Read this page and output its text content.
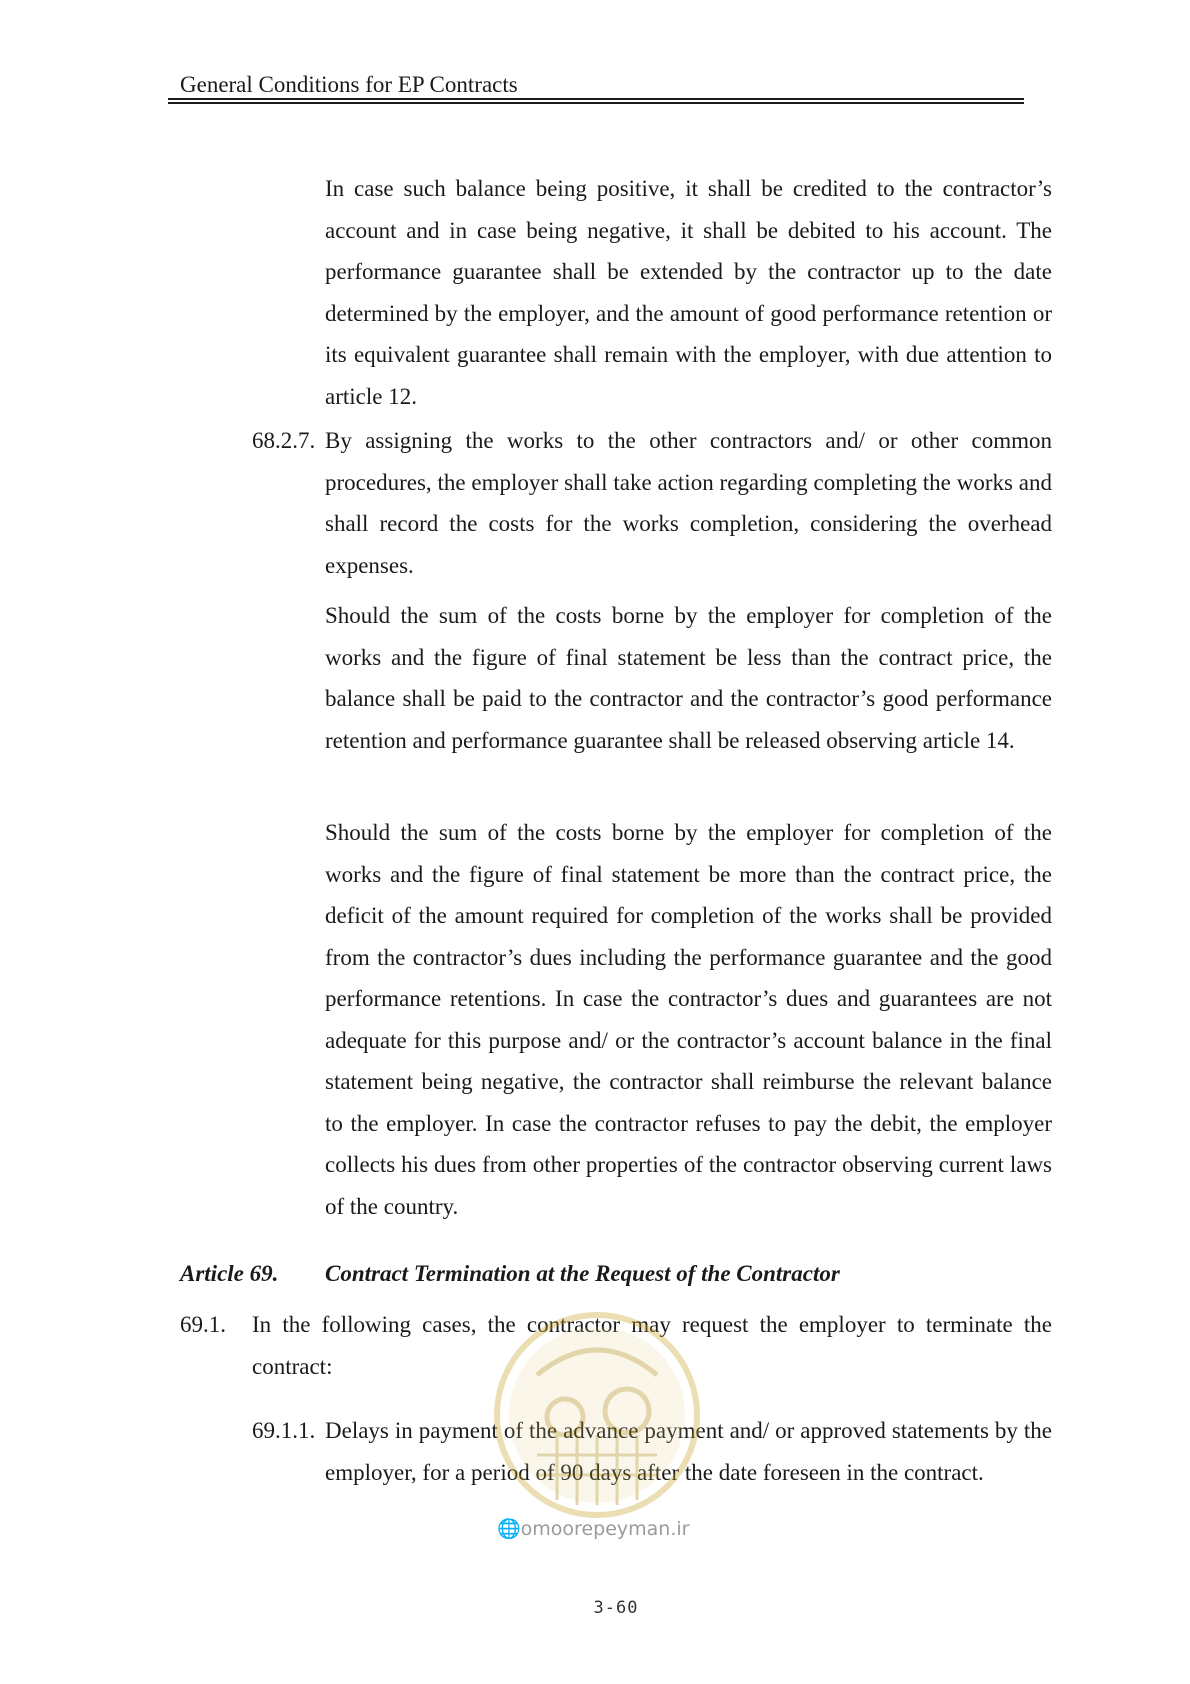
General Conditions for EP Contracts

In case such balance being positive, it shall be credited to the contractor’s account and in case being negative, it shall be debited to his account. The performance guarantee shall be extended by the contractor up to the date determined by the employer, and the amount of good performance retention or its equivalent guarantee shall remain with the employer, with due attention to article 12.

68.2.7. By assigning the works to the other contractors and/ or other common procedures, the employer shall take action regarding completing the works and shall record the costs for the works completion, considering the overhead expenses.

Should the sum of the costs borne by the employer for completion of the works and the figure of final statement be less than the contract price, the balance shall be paid to the contractor and the contractor’s good performance retention and performance guarantee shall be released observing article 14.

Should the sum of the costs borne by the employer for completion of the works and the figure of final statement be more than the contract price, the deficit of the amount required for completion of the works shall be provided from the contractor’s dues including the performance guarantee and the good performance retentions. In case the contractor’s dues and guarantees are not adequate for this purpose and/ or the contractor’s account balance in the final statement being negative, the contractor shall reimburse the relevant balance to the employer. In case the contractor refuses to pay the debit, the employer collects his dues from other properties of the contractor observing current laws of the country.

Article 69. Contract Termination at the Request of the Contractor
69.1. In the following cases, the contractor may request the employer to terminate the contract:

69.1.1. Delays in payment of the advance payment and/ or approved statements by the employer, for a period of 90 days after the date foreseen in the contract.

🌐omoorepeyman.ir
3-60
